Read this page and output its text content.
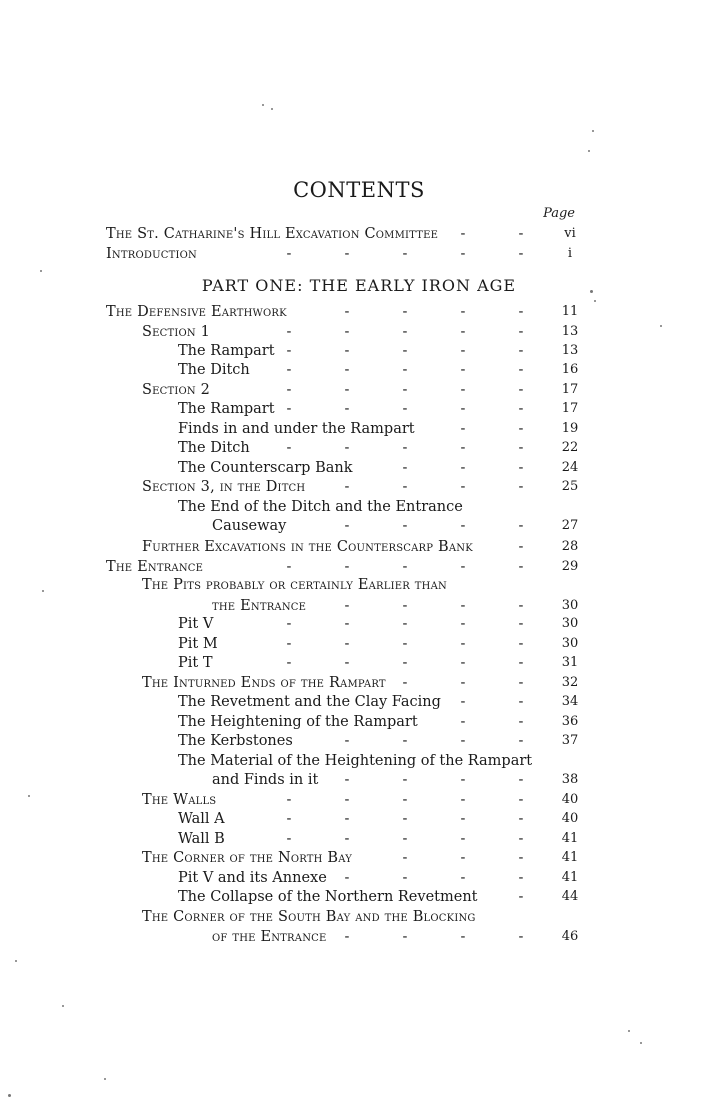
CONTENTS
Page
PART ONE: THE EARLY IRON AGE
The St. Catharine's Hill Excavation Committee -	-	vi
Introduction	-	-	-	-	-	i
The Defensive Earthwork	-	-	-	-	11
Section 1	-	-	-	-	-	13
The Rampart -	-	-	-	-	13
The Ditch	-	-	-	-	-	16
Section 2	-	-	-	-	-	17
The Rampart -	-	-	-	-	17
Finds in and under the Rampart	-	-	19
The Ditch	-	-	-	-	-	22
The Counterscarp Bank	-	-	-	24
Section 3, in the Ditch	-	-	-	-	25
The End of the Ditch and the Entrance
Causeway	-	-	-	-	27
Further Excavations in the Counterscarp Bank	-	28
The Entrance	-	-	-	-	-	29
The Pits probably or certainly Earlier than
the Entrance	-	-	-	-	30
Pit V	-	-	-	-	-	30
Pit M	-	-	-	-	-	30
Pit T	-	-	-	-	-	31
The Inturned Ends of the Rampart -	-	-	32
The Revetment and the Clay Facing -	-	34
The Heightening of the Rampart	-	-	36
The Kerbstones	-	-	-	-	37
The Material of the Heightening of the Rampart
and Finds in it -	-	-	-	38
The Walls	-	-	-	-	-	40
Wall A	-	-	-	-	-	40
Wall B	-	-	-	-	-	41
The Corner of the North Bay	-	-	-	41
Pit V and its Annexe -	-	-	-	41
The Collapse of the Northern Revetment	-	44
The Corner of the South Bay and the Blocking
of the Entrance -	-	-	-	46
